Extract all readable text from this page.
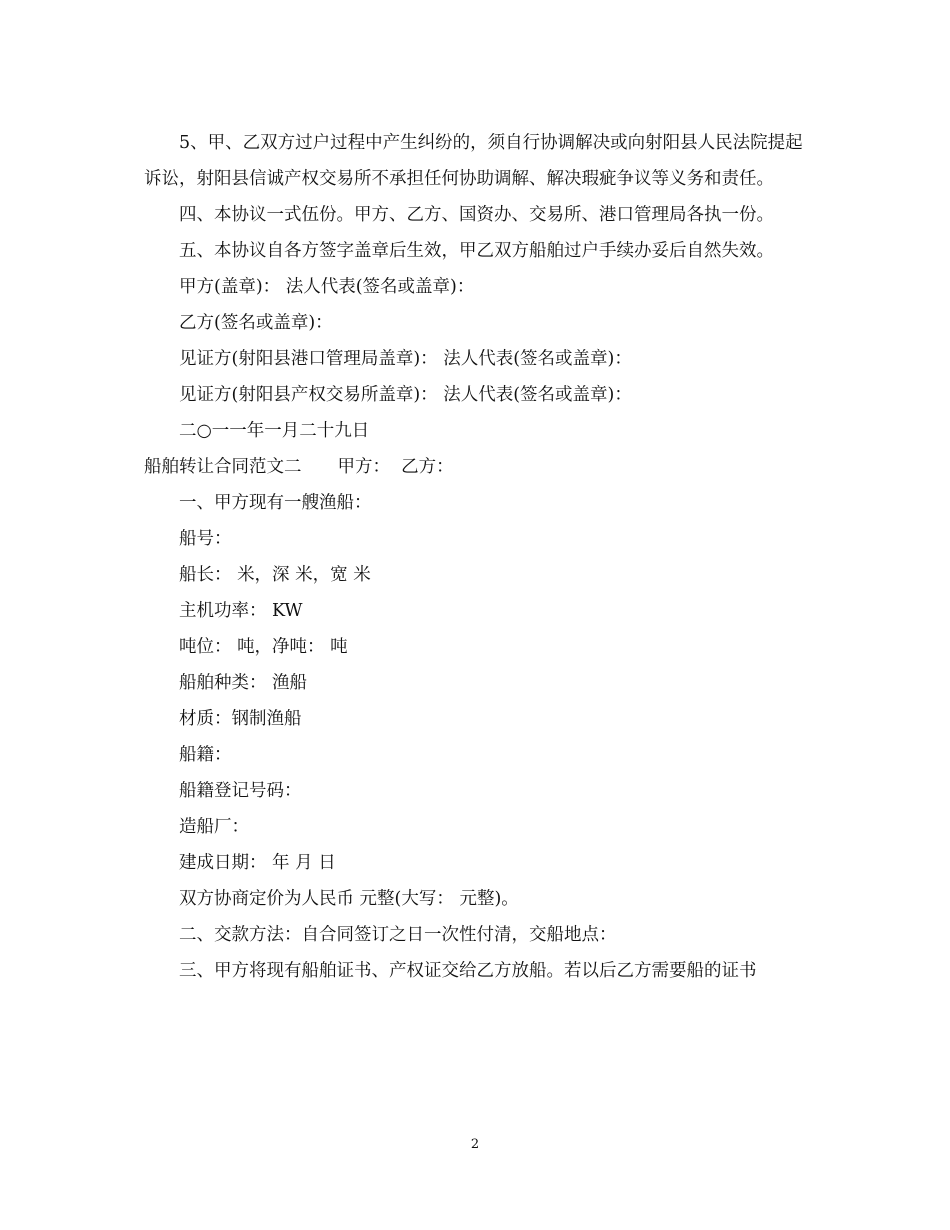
5、甲、乙双方过户过程中产生纠纷的，须自行协调解决或向射阳县人民法院提起诉讼，射阳县信诚产权交易所不承担任何协助调解、解决瑕疵争议等义务和责任。

四、本协议一式伍份。甲方、乙方、国资办、交易所、港口管理局各执一份。

五、本协议自各方签字盖章后生效，甲乙双方船舶过户手续办妥后自然失效。

甲方(盖章)： 法人代表(签名或盖章)：

乙方(签名或盖章)：

见证方(射阳县港口管理局盖章)： 法人代表(签名或盖章)：

见证方(射阳县产权交易所盖章)： 法人代表(签名或盖章)：

二○一一年一月二十九日

船舶转让合同范文二 甲方： 乙方：

一、甲方现有一艘渔船：

船号：

船长： 米，深 米，宽 米

主机功率： KW

吨位： 吨，净吨： 吨

船舶种类： 渔船

材质：钢制渔船

船籍：

船籍登记号码：

造船厂：

建成日期： 年 月 日

双方协商定价为人民币 元整(大写： 元整)。

二、交款方法：自合同签订之日一次性付清，交船地点：

三、甲方将现有船舶证书、产权证交给乙方放船。若以后乙方需要船的证书

2
